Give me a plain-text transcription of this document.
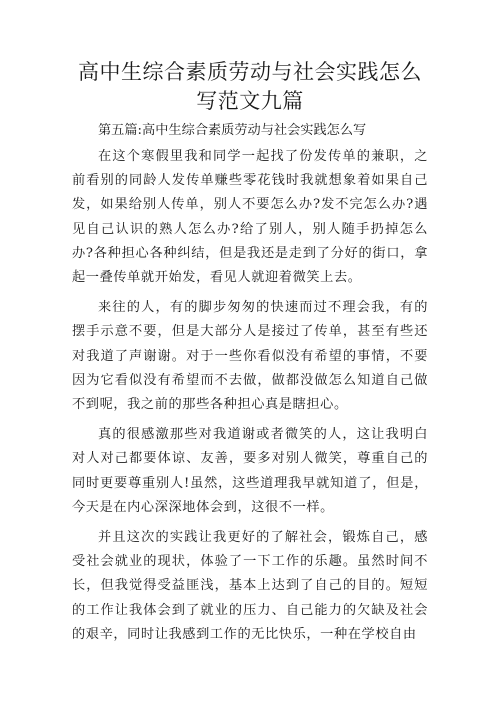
高中生综合素质劳动与社会实践怎么写范文九篇

第五篇:高中生综合素质劳动与社会实践怎么写

在这个寒假里我和同学一起找了份发传单的兼职，之前看别的同龄人发传单赚些零花钱时我就想象着如果自己发，如果给别人传单，别人不要怎么办?发不完怎么办?遇见自己认识的熟人怎么办?给了别人，别人随手扔掉怎么办?各种担心各种纠结，但是我还是走到了分好的街口，拿起一叠传单就开始发，看见人就迎着微笑上去。

来往的人，有的脚步匆匆的快速而过不理会我，有的摆手示意不要，但是大部分人是接过了传单，甚至有些还对我道了声谢谢。对于一些你看似没有希望的事情，不要因为它看似没有希望而不去做，做都没做怎么知道自己做不到呢，我之前的那些各种担心真是瞎担心。

真的很感激那些对我道谢或者微笑的人，这让我明白对人对己都要体谅、友善，要多对别人微笑，尊重自己的同时更要尊重别人!虽然，这些道理我早就知道了，但是，今天是在内心深深地体会到，这很不一样。

并且这次的实践让我更好的了解社会，锻炼自己，感受社会就业的现状，体验了一下工作的乐趣。虽然时间不长，但我觉得受益匪浅，基本上达到了自己的目的。短短的工作让我体会到了就业的压力、自己能力的欠缺及社会的艰辛，同时让我感到工作的无比快乐，一种在学校自由
